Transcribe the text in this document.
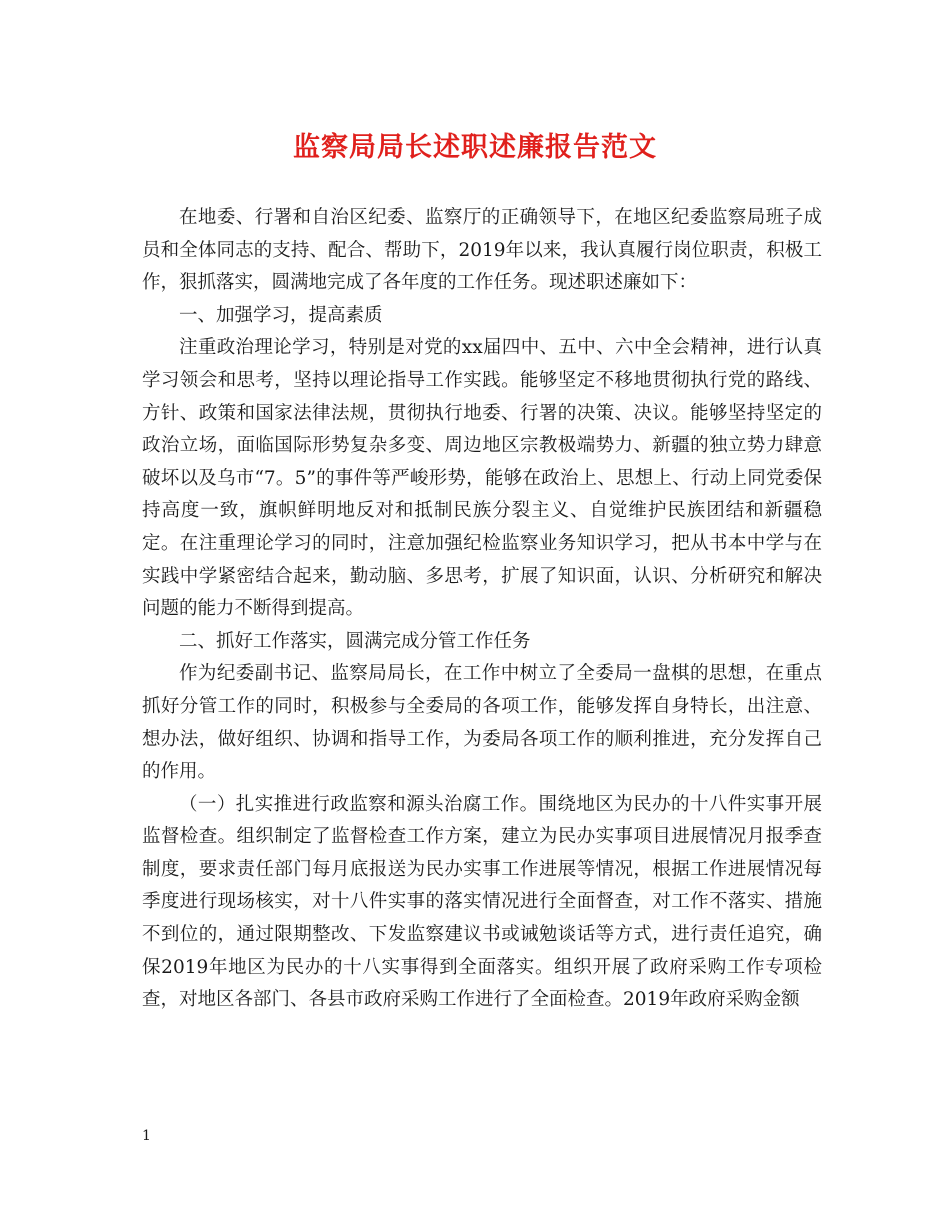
监察局局长述职述廉报告范文

在地委、行署和自治区纪委、监察厅的正确领导下，在地区纪委监察局班子成员和全体同志的支持、配合、帮助下，2019年以来，我认真履行岗位职责，积极工作，狠抓落实，圆满地完成了各年度的工作任务。现述职述廉如下：

一、加强学习，提高素质

注重政治理论学习，特别是对党的xx届四中、五中、六中全会精神，进行认真学习领会和思考，坚持以理论指导工作实践。能够坚定不移地贯彻执行党的路线、方针、政策和国家法律法规，贯彻执行地委、行署的决策、决议。能够坚持坚定的政治立场，面临国际形势复杂多变、周边地区宗教极端势力、新疆的独立势力肆意破坏以及乌市“7。5”的事件等严峻形势，能够在政治上、思想上、行动上同党委保持高度一致，旗帜鲜明地反对和抵制民族分裂主义、自觉维护民族团结和新疆稳定。在注重理论学习的同时，注意加强纪检监察业务知识学习，把从书本中学与在实践中学紧密结合起来，勤动脑、多思考，扩展了知识面，认识、分析研究和解决问题的能力不断得到提高。

二、抓好工作落实，圆满完成分管工作任务

作为纪委副书记、监察局局长，在工作中树立了全委局一盘棋的思想，在重点抓好分管工作的同时，积极参与全委局的各项工作，能够发挥自身特长，出注意、想办法，做好组织、协调和指导工作，为委局各项工作的顺利推进，充分发挥自己的作用。

（一）扎实推进行政监察和源头治腐工作。围绕地区为民办的十八件实事开展监督检查。组织制定了监督检查工作方案，建立为民办实事项目进展情况月报季查制度，要求责任部门每月底报送为民办实事工作进展等情况，根据工作进展情况每季度进行现场核实，对十八件实事的落实情况进行全面督查，对工作不落实、措施不到位的，通过限期整改、下发监察建议书或诫勉谈话等方式，进行责任追究，确保2019年地区为民办的十八实事得到全面落实。组织开展了政府采购工作专项检查，对地区各部门、各县市政府采购工作进行了全面检查。2019年政府采购金额

1
